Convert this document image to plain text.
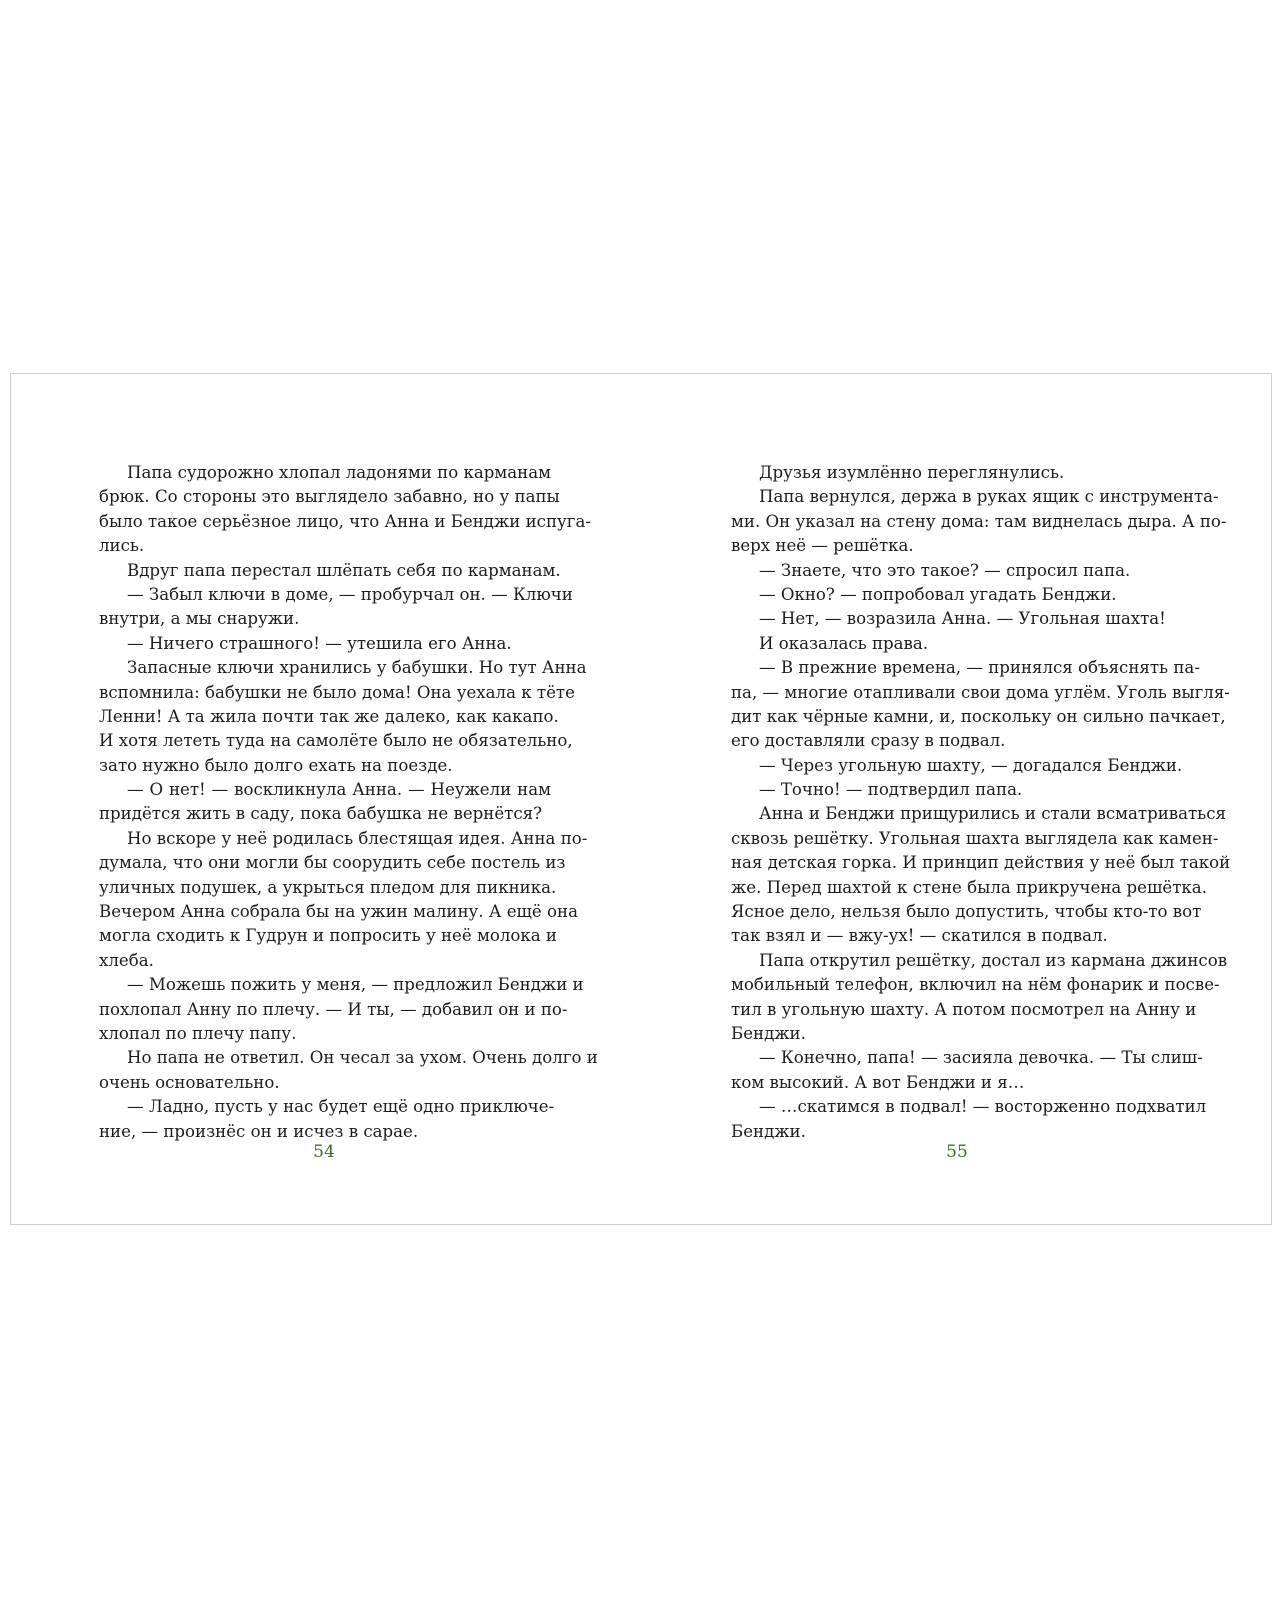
Папа судорожно хлопал ладонями по карманам
брюк. Со стороны это выглядело забавно, но у папы
было такое серьёзное лицо, что Анна и Бенджи испуга-
лись.
Вдруг папа перестал шлёпать себя по карманам.
— Забыл ключи в доме, — пробурчал он. — Ключи
внутри, а мы снаружи.
— Ничего страшного! — утешила его Анна.
Запасные ключи хранились у бабушки. Но тут Анна
вспомнила: бабушки не было дома! Она уехала к тёте
Ленни! А та жила почти так же далеко, как какапо.
И хотя лететь туда на самолёте было не обязательно,
зато нужно было долго ехать на поезде.
— О нет! — воскликнула Анна. — Неужели нам
придётся жить в саду, пока бабушка не вернётся?
Но вскоре у неё родилась блестящая идея. Анна по-
думала, что они могли бы соорудить себе постель из
уличных подушек, а укрыться пледом для пикника.
Вечером Анна собрала бы на ужин малину. А ещё она
могла сходить к Гудрун и попросить у неё молока и
хлеба.
— Можешь пожить у меня, — предложил Бенджи и
похлопал Анну по плечу. — И ты, — добавил он и по-
хлопал по плечу папу.
Но папа не ответил. Он чесал за ухом. Очень долго и
очень основательно.
— Ладно, пусть у нас будет ещё одно приключе-
ние, — произнёс он и исчез в сарае.
54
Друзья изумлённо переглянулись.
Папа вернулся, держа в руках ящик с инструмента-
ми. Он указал на стену дома: там виднелась дыра. А по-
верх неё — решётка.
— Знаете, что это такое? — спросил папа.
— Окно? — попробовал угадать Бенджи.
— Нет, — возразила Анна. — Угольная шахта!
И оказалась права.
— В прежние времена, — принялся объяснять па-
па, — многие отапливали свои дома углём. Уголь выгля-
дит как чёрные камни, и, поскольку он сильно пачкает,
его доставляли сразу в подвал.
— Через угольную шахту, — догадался Бенджи.
— Точно! — подтвердил папа.
Анна и Бенджи прищурились и стали всматриваться
сквозь решётку. Угольная шахта выглядела как камен-
ная детская горка. И принцип действия у неё был такой
же. Перед шахтой к стене была прикручена решётка.
Ясное дело, нельзя было допустить, чтобы кто-то вот
так взял и — вжу-ух! — скатился в подвал.
Папа открутил решётку, достал из кармана джинсов
мобильный телефон, включил на нём фонарик и посве-
тил в угольную шахту. А потом посмотрел на Анну и
Бенджи.
— Конечно, папа! — засияла девочка. — Ты слиш-
ком высокий. А вот Бенджи и я…
— …скатимся в подвал! — восторженно подхватил
Бенджи.
55
